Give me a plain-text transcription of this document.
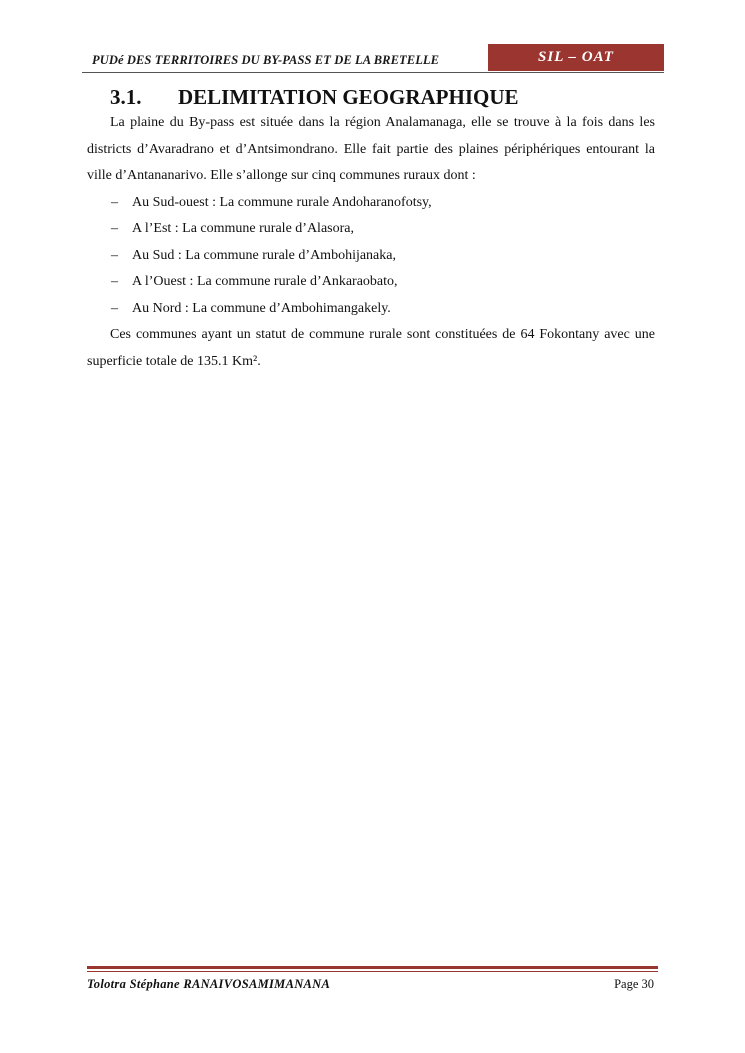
PUDé DES TERRITOIRES DU BY-PASS ET DE LA BRETELLE	SIL – OAT
3.1. DELIMITATION GEOGRAPHIQUE

La plaine du By-pass est située dans la région Analamanaga, elle se trouve à la fois dans les districts d’Avaradrano et d’Antsimondrano. Elle fait partie des plaines périphériques entourant la ville d’Antananarivo. Elle s’allonge sur cinq communes ruraux dont :

– Au Sud-ouest : La commune rurale Andoharanofotsy,
– A l’Est : La commune rurale d’Alasora,
– Au Sud : La commune rurale d’Ambohijanaka,
– A l’Ouest : La commune rurale d’Ankaraobato,
– Au Nord : La commune d’Ambohimangakely.

Ces communes ayant un statut de commune rurale sont constituées de 64 Fokontany avec une superficie totale de 135.1 Km².

Tolotra Stéphane RANAIVOSAMIMANANA	Page 30
